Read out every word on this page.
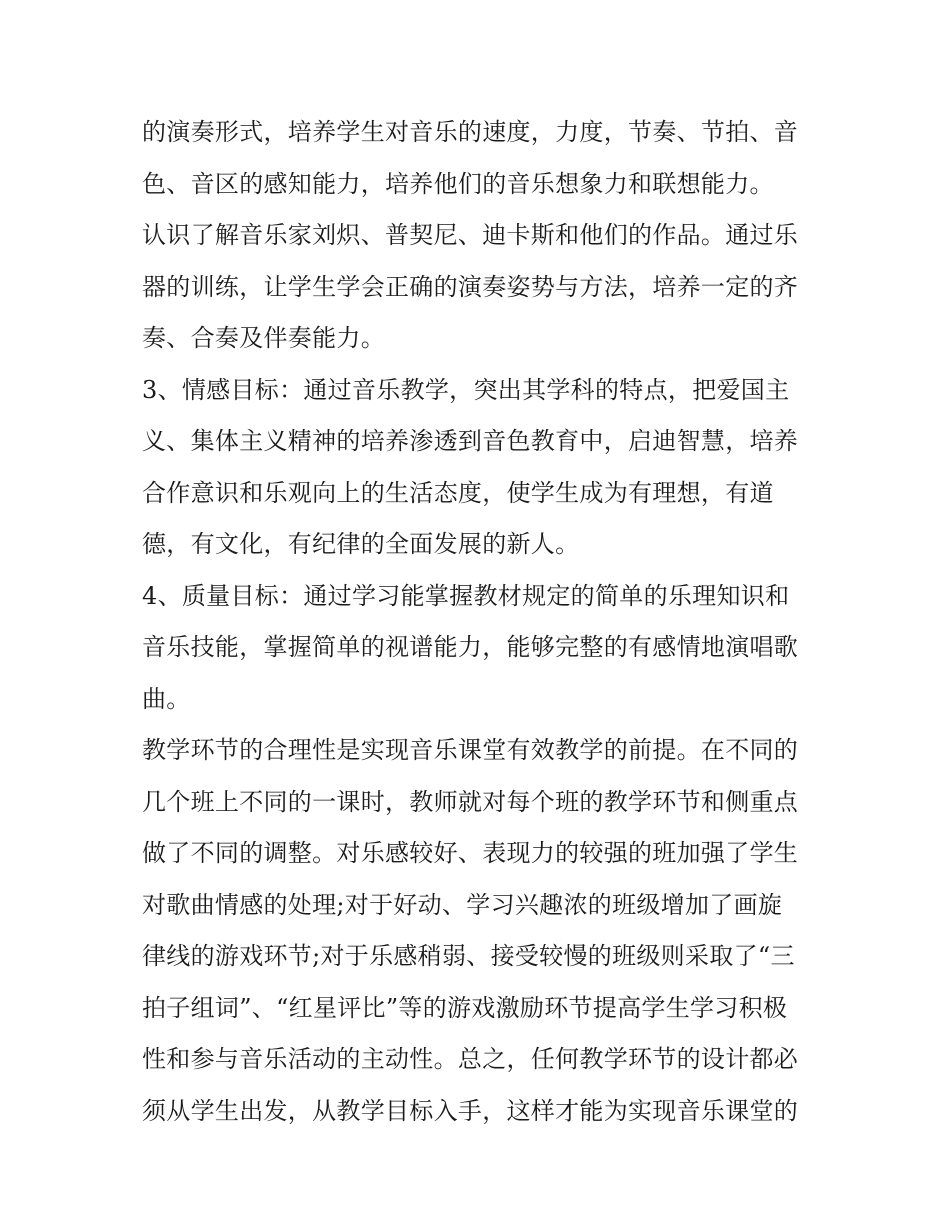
的演奏形式，培养学生对音乐的速度，力度，节奏、节拍、音
色、音区的感知能力，培养他们的音乐想象力和联想能力。
认识了解音乐家刘炽、普契尼、迪卡斯和他们的作品。通过乐
器的训练，让学生学会正确的演奏姿势与方法，培养一定的齐
奏、合奏及伴奏能力。
3、情感目标：通过音乐教学，突出其学科的特点，把爱国主
义、集体主义精神的培养渗透到音色教育中，启迪智慧，培养
合作意识和乐观向上的生活态度，使学生成为有理想，有道
德，有文化，有纪律的全面发展的新人。
4、质量目标：通过学习能掌握教材规定的简单的乐理知识和
音乐技能，掌握简单的视谱能力，能够完整的有感情地演唱歌
曲。
教学环节的合理性是实现音乐课堂有效教学的前提。在不同的
几个班上不同的一课时，教师就对每个班的教学环节和侧重点
做了不同的调整。对乐感较好、表现力的较强的班加强了学生
对歌曲情感的处理;对于好动、学习兴趣浓的班级增加了画旋
律线的游戏环节;对于乐感稍弱、接受较慢的班级则采取了“三
拍子组词”、“红星评比”等的游戏激励环节提高学生学习积极
性和参与音乐活动的主动性。总之，任何教学环节的设计都必
须从学生出发，从教学目标入手，这样才能为实现音乐课堂的
